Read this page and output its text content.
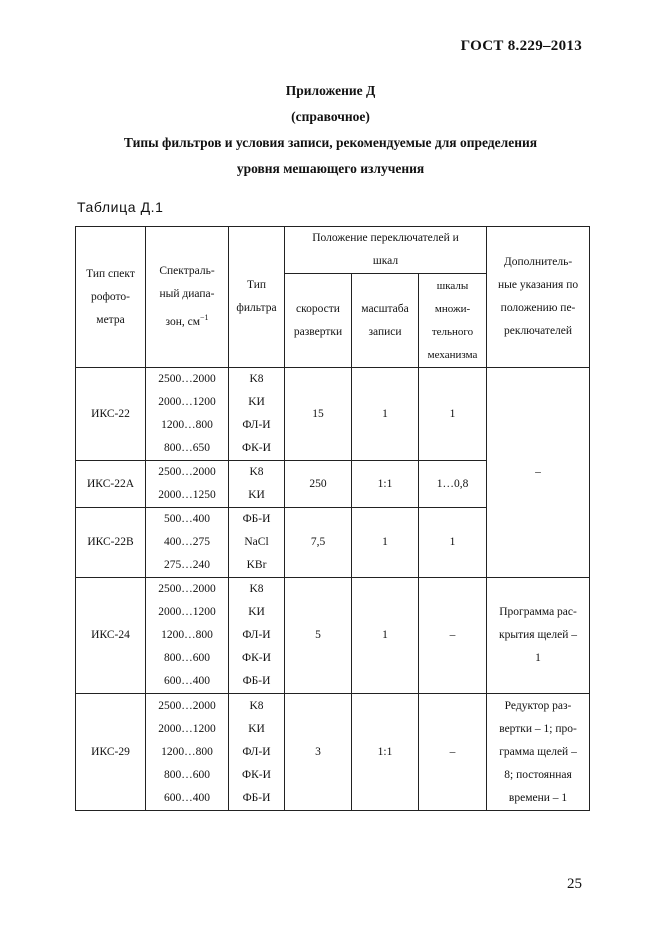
ГОСТ 8.229–2013
Приложение Д
(справочное)
Типы фильтров и условия записи, рекомендуемые для определения
уровня мешающего излучения
Таблица Д.1
Тип спект
рофото-
метра	Спектраль-
ный диапа-
зон, $см^{-1}$	Тип
фильтра	Положение переключателей и
шкал			Дополнитель-
ные указания по
положению пе-
реключателей

			скорости
развертки	масштаба
записи	шкалы
множи-
тельного
механизма	

ИКС-22	2500…2000
2000…1200
1200…800
800…650	K8
KИ
ФЛ-И
ФК-И	15	1	1	–
ИКС-22А	2500…2000
2000…1250	K8
KИ	250	1:1	1…0,8	
ИКС-22В	500…400
400…275
275…240	ФБ-И
NaCl
KBr	7,5	1	1	
ИКС-24	2500…2000
2000…1200
1200…800
800…600
600…400	K8
KИ
ФЛ-И
ФК-И
ФБ-И	5	1	–	Программа рас-
крытия щелей –
1

ИКС-29	2500…2000
2000…1200
1200…800
800…600
600…400	K8
KИ
ФЛ-И
ФК-И
ФБ-И	3	1:1	–	Редуктор раз-
вертки – 1; про-
грамма щелей –
8; постоянная
времени – 1
25
